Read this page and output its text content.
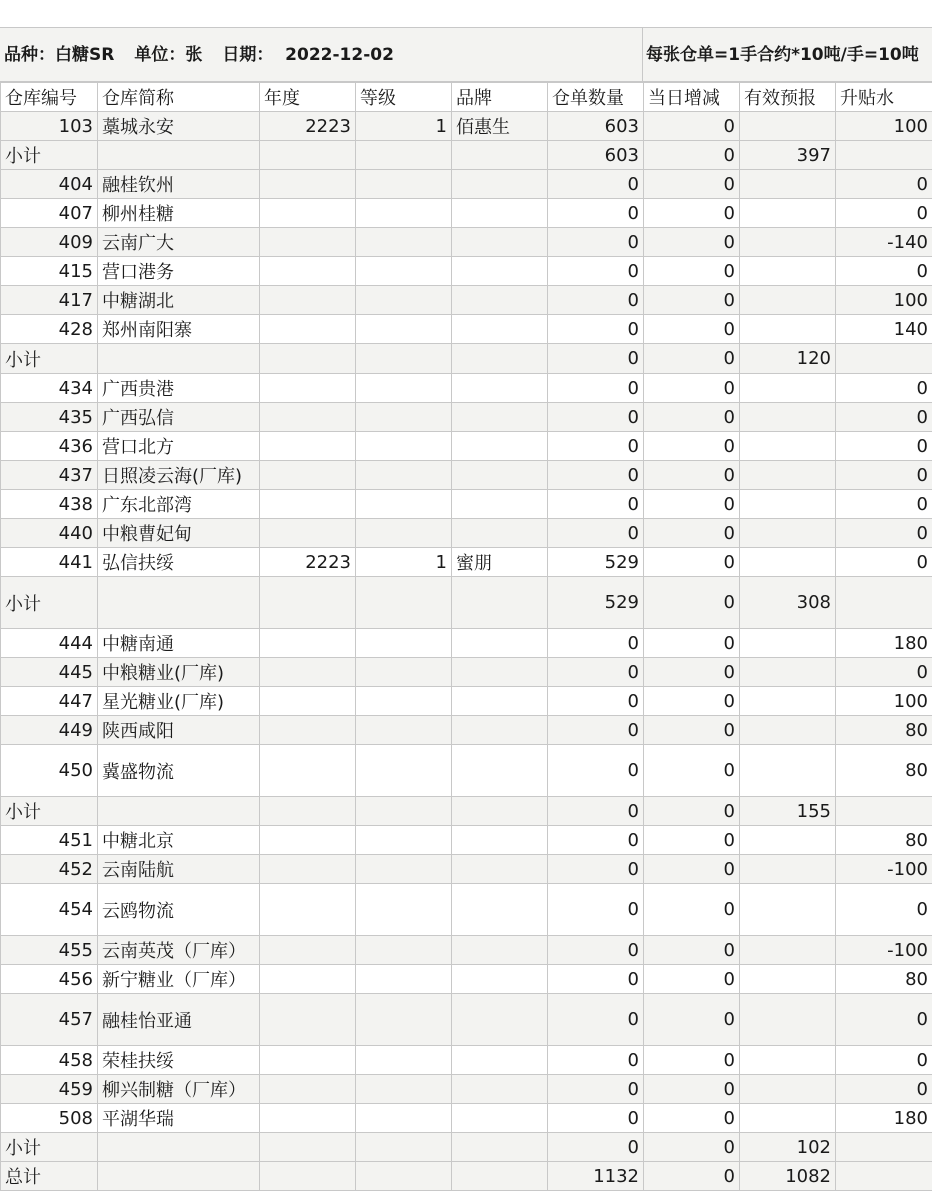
品种：白糖SR 单位：张 日期：  2022-12-02	每张仓单=1手合约*10吨/手=10吨
仓库编号	仓库简称	年度	等级	品牌	仓单数量	当日增减	有效预报	升贴水
103	藁城永安	2223	1	佰惠生	603	0		100
小计					603	0	397	
404	融桂钦州				0	0		0
407	柳州桂糖				0	0		0
409	云南广大				0	0		-140
415	营口港务				0	0		0
417	中糖湖北				0	0		100
428	郑州南阳寨				0	0		140
小计					0	0	120	
434	广西贵港				0	0		0
435	广西弘信				0	0		0
436	营口北方				0	0		0
437	日照凌云海(厂库)				0	0		0
438	广东北部湾				0	0		0
440	中粮曹妃甸				0	0		0
441	弘信扶绥	2223	1	蜜朋	529	0		0
小计					529	0	308	
444	中糖南通				0	0		180
445	中粮糖业(厂库)				0	0		0
447	星光糖业(厂库)				0	0		100
449	陕西咸阳				0	0		80
450	冀盛物流				0	0		80
小计					0	0	155	
451	中糖北京				0	0		80
452	云南陆航				0	0		-100
454	云鸥物流				0	0		0
455	云南英茂（厂库）				0	0		-100
456	新宁糖业（厂库）				0	0		80
457	融桂怡亚通				0	0		0
458	荣桂扶绥				0	0		0
459	柳兴制糖（厂库）				0	0		0
508	平湖华瑞				0	0		180
小计					0	0	102	
总计					1132	0	1082	
